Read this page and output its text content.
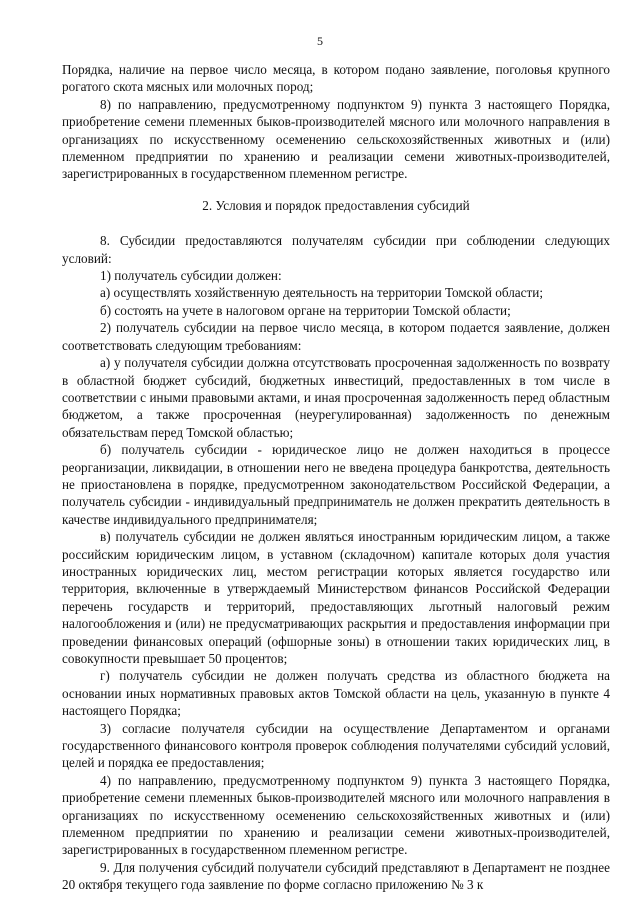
5

Порядка, наличие на первое число месяца, в котором подано заявление, поголовья крупного рогатого скота мясных или молочных пород;

8) по направлению, предусмотренному подпунктом 9) пункта 3 настоящего Порядка, приобретение семени племенных быков-производителей мясного или молочного направления в организациях по искусственному осеменению сельскохозяйственных животных и (или) племенном предприятии по хранению и реализации семени животных-производителей, зарегистрированных в государственном племенном регистре.

2. Условия и порядок предоставления субсидий

8. Субсидии предоставляются получателям субсидии при соблюдении следующих условий:

1) получатель субсидии должен:

а) осуществлять хозяйственную деятельность на территории Томской области;

б) состоять на учете в налоговом органе на территории Томской области;

2) получатель субсидии на первое число месяца, в котором подается заявление, должен соответствовать следующим требованиям:

а) у получателя субсидии должна отсутствовать просроченная задолженность по возврату в областной бюджет субсидий, бюджетных инвестиций, предоставленных в том числе в соответствии с иными правовыми актами, и иная просроченная задолженность перед областным бюджетом, а также просроченная (неурегулированная) задолженность по денежным обязательствам перед Томской областью;

б) получатель субсидии - юридическое лицо не должен находиться в процессе реорганизации, ликвидации, в отношении него не введена процедура банкротства, деятельность не приостановлена в порядке, предусмотренном законодательством Российской Федерации, а получатель субсидии - индивидуальный предприниматель не должен прекратить деятельность в качестве индивидуального предпринимателя;

в) получатель субсидии не должен являться иностранным юридическим лицом, а также российским юридическим лицом, в уставном (складочном) капитале которых доля участия иностранных юридических лиц, местом регистрации которых является государство или территория, включенные в утверждаемый Министерством финансов Российской Федерации перечень государств и территорий, предоставляющих льготный налоговый режим налогообложения и (или) не предусматривающих раскрытия и предоставления информации при проведении финансовых операций (офшорные зоны) в отношении таких юридических лиц, в совокупности превышает 50 процентов;

г) получатель субсидии не должен получать средства из областного бюджета на основании иных нормативных правовых актов Томской области на цель, указанную в пункте 4 настоящего Порядка;

3) согласие получателя субсидии на осуществление Департаментом и органами государственного финансового контроля проверок соблюдения получателями субсидий условий, целей и порядка ее предоставления;

4) по направлению, предусмотренному подпунктом 9) пункта 3 настоящего Порядка, приобретение семени племенных быков-производителей мясного или молочного направления в организациях по искусственному осеменению сельскохозяйственных животных и (или) племенном предприятии по хранению и реализации семени животных-производителей, зарегистрированных в государственном племенном регистре.

9. Для получения субсидий получатели субсидий представляют в Департамент не позднее 20 октября текущего года заявление по форме согласно приложению № 3 к
